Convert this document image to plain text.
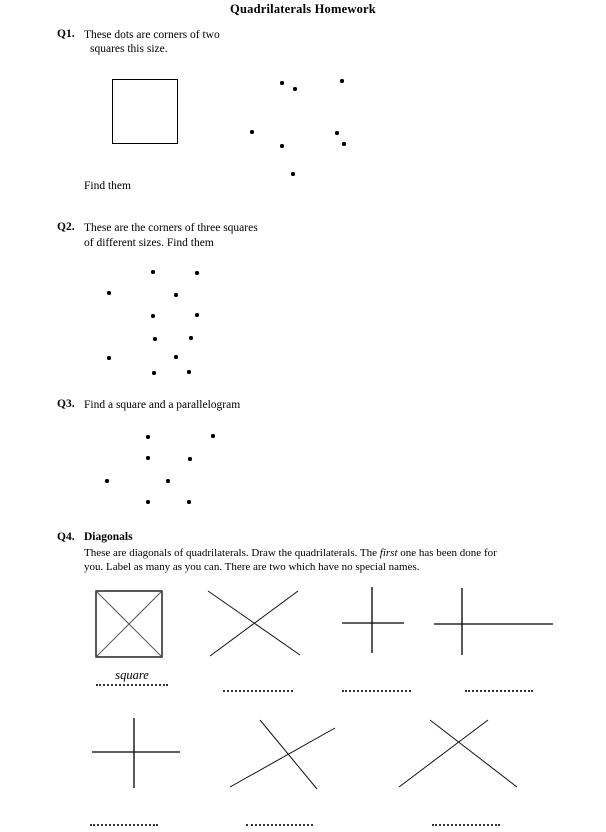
Quadrilaterals Homework
Q1. These dots are corners of two
squares this size.
Find them
Q2. These are the corners of three squares
of different sizes. Find them
Q3. Find a square and a parallelogram
Q4. Diagonals
These are diagonals of quadrilaterals. Draw the quadrilaterals. The first one has been done for
you. Label as many as you can. There are two which have no special names.
square
